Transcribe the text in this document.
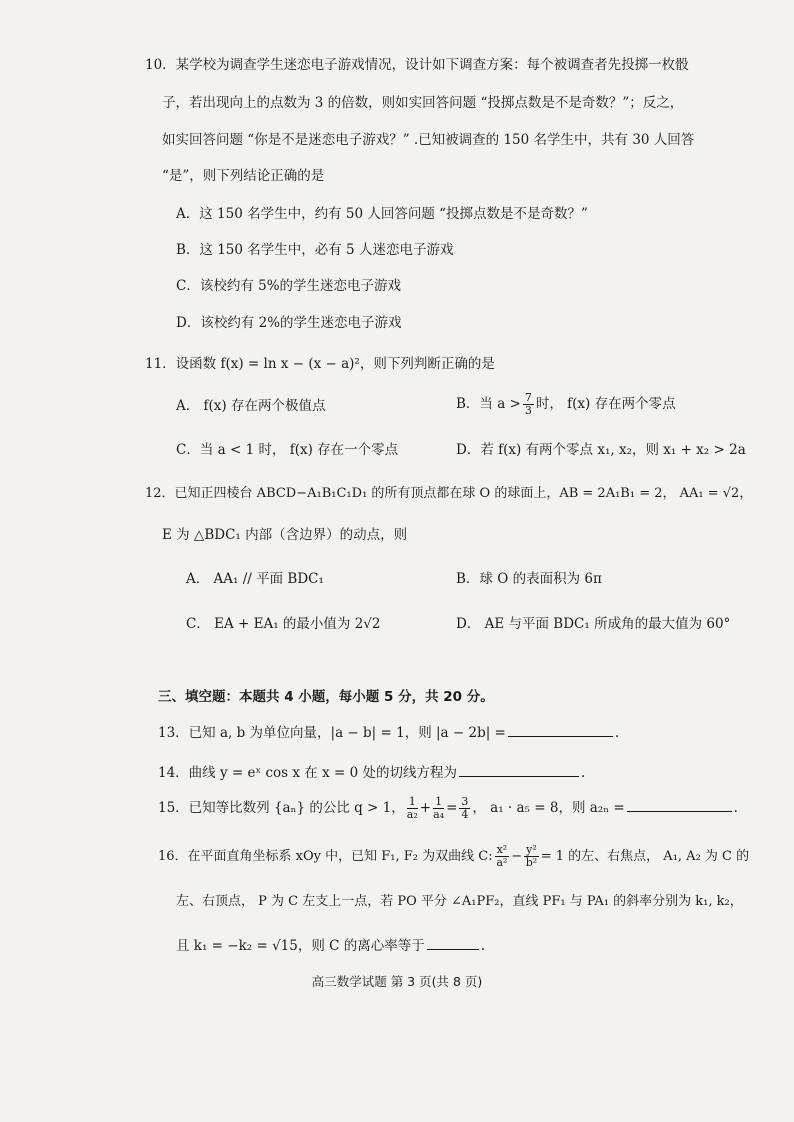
10．某学校为调查学生迷恋电子游戏情况，设计如下调查方案：每个被调查者先投掷一枚骰

子，若出现向上的点数为 3 的倍数，则如实回答问题 “投掷点数是不是奇数？”；反之，

如实回答问题 “你是不是迷恋电子游戏？” .已知被调查的 150 名学生中，共有 30 人回答

“是”，则下列结论正确的是

A．这 150 名学生中，约有 50 人回答问题 “投掷点数是不是奇数？”

B．这 150 名学生中，必有 5 人迷恋电子游戏

C．该校约有 5%的学生迷恋电子游戏

D．该校约有 2%的学生迷恋电子游戏

11．设函数 f(x) = ln x − (x − a)²，则下列判断正确的是

A． f(x) 存在两个极值点	B．当 $a > \frac{7}{3}$ 时， f(x) 存在两个零点
C．当 a < 1 时， f(x) 存在一个零点	D．若 f(x) 有两个零点 x₁, x₂，则 x₁ + x₂ > 2a

12．已知正四棱台 ABCD−A₁B₁C₁D₁ 的所有顶点都在球 O 的球面上，AB = 2A₁B₁ = 2， AA₁ = √2，

E 为 △BDC₁ 内部（含边界）的动点，则

A． AA₁ // 平面 BDC₁	B．球 O 的表面积为 6π
C． EA + EA₁ 的最小值为 2√2	D． AE 与平面 BDC₁ 所成角的最大值为 60°

三、填空题：本题共 4 小题，每小题 5 分，共 20 分。

13．已知 a, b 为单位向量，|a − b| = 1，则 |a − 2b| =	.
14．曲线 y = eˣ cos x 在 x = 0 处的切线方程为	.
15．已知等比数列 {aₙ} 的公比 q > 1， $\frac{1}{\text{a₂}} + \frac{1}{\text{a₄}} = \frac{3}{4}$ ， a₁ · a₅ = 8，则 a₂ₙ =	.
16．在平面直角坐标系 xOy 中，已知 F₁, F₂ 为双曲线 C: $\frac{\text{x²}}{\text{a²}} - \frac{\text{y²}}{\text{b²}} = 1$ 的左、右焦点， A₁, A₂ 为 C 的

左、右顶点， P 为 C 左支上一点，若 PO 平分 ∠A₁PF₂，直线 PF₁ 与 PA₁ 的斜率分别为 k₁, k₂，

且 k₁ = −k₂ = √15，则 C 的离心率等于	.
高三数学试题 第 3 页(共 8 页)
